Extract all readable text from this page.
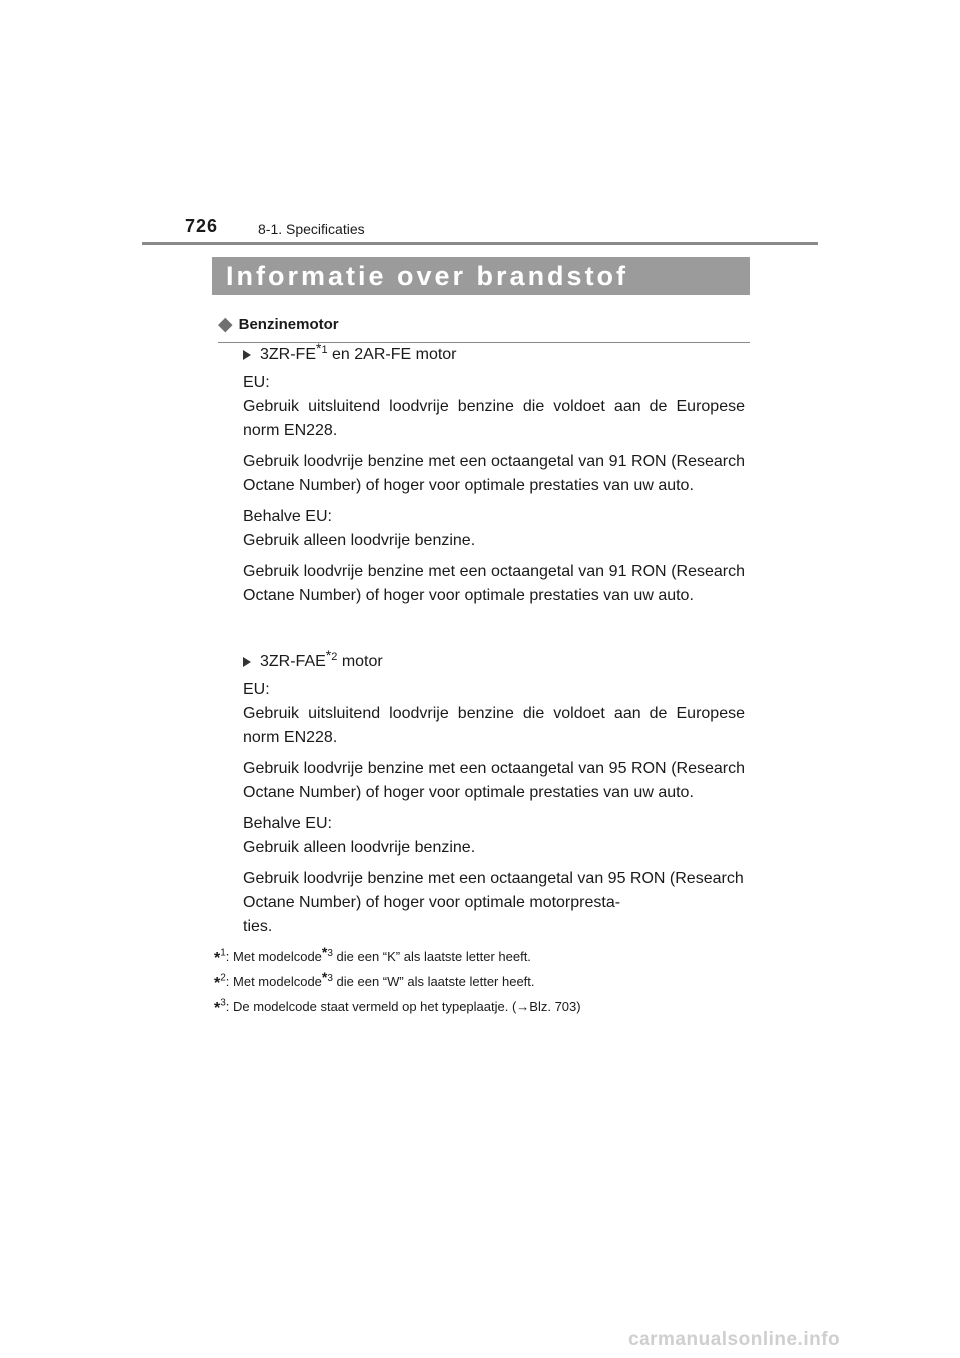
726	8-1. Specificaties
Informatie over brandstof
◆ Benzinemotor
3ZR-FE$^{*1}$ en 2AR-FE motor

EU:
Gebruik uitsluitend loodvrije benzine die voldoet aan de Europese norm EN228.

Gebruik loodvrije benzine met een octaangetal van 91 RON (Research Octane Number) of hoger voor optimale prestaties van uw auto.

Behalve EU:
Gebruik alleen loodvrije benzine.

Gebruik loodvrije benzine met een octaangetal van 91 RON (Research Octane Number) of hoger voor optimale prestaties van uw auto.

3ZR-FAE$^{*2}$ motor

EU:
Gebruik uitsluitend loodvrije benzine die voldoet aan de Europese norm EN228.

Gebruik loodvrije benzine met een octaangetal van 95 RON (Research Octane Number) of hoger voor optimale prestaties van uw auto.

Behalve EU:
Gebruik alleen loodvrije benzine.

Gebruik loodvrije benzine met een octaangetal van 95 RON (Research Octane Number) of hoger voor optimale motorpresta-
ties.

*$^1$: Met modelcode$^{*3}$ die een “K” als laatste letter heeft.
*$^2$: Met modelcode$^{*3}$ die een “W” als laatste letter heeft.
*$^3$: De modelcode staat vermeld op het typeplaatje. (→Blz. 703)
carmanualsonline.info
